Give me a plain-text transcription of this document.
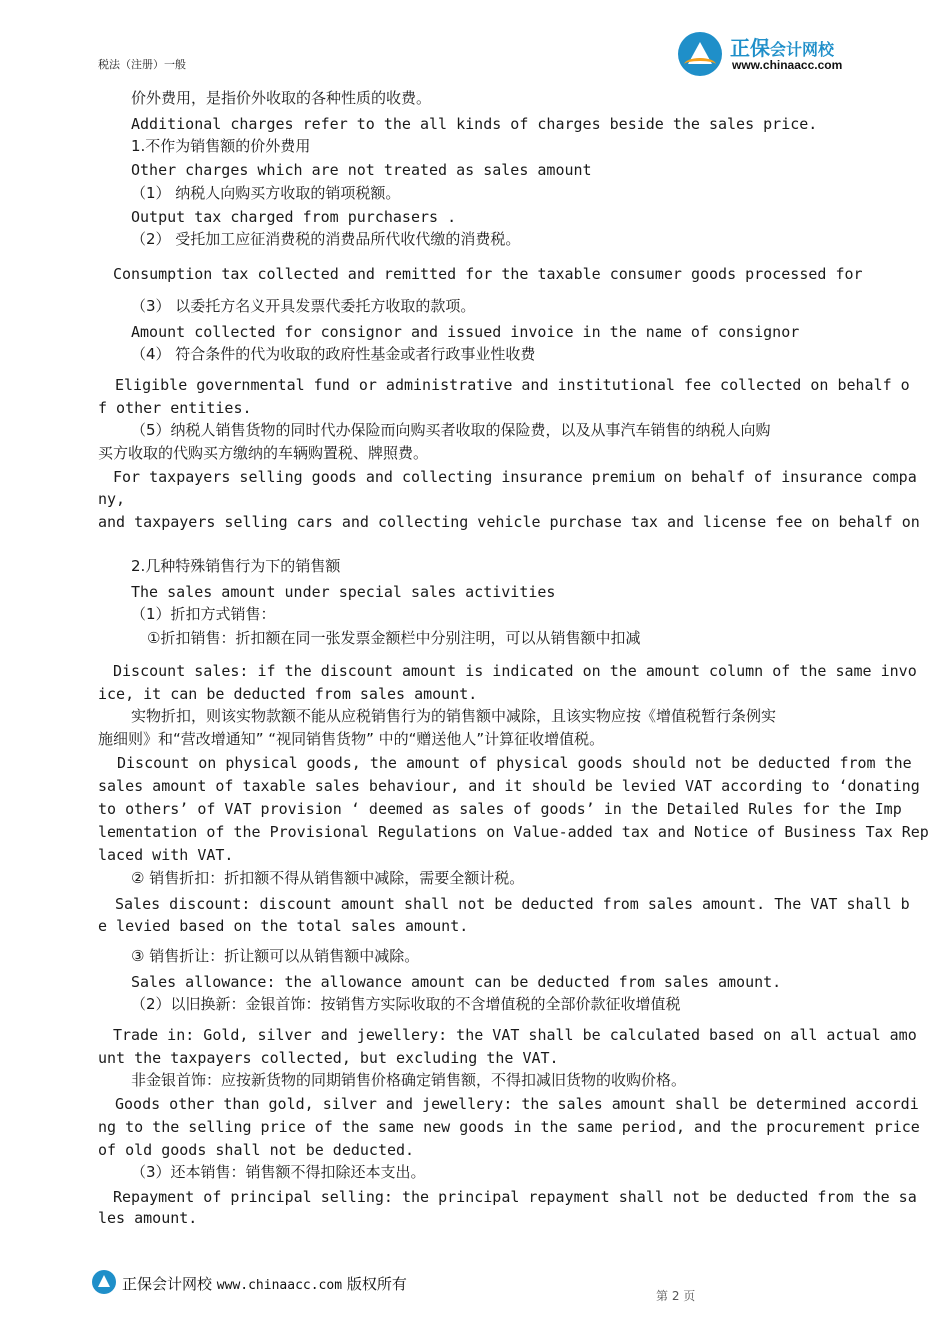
税法（注册）一般
正保会计网校
www.chinaacc.com
价外费用，是指价外收取的各种性质的收费。
Additional charges refer to the all kinds of charges beside the sales price.
1.不作为销售额的价外费用
Other charges which are not treated as sales amount
（1） 纳税人向购买方收取的销项税额。
Output tax charged from purchasers .
（2） 受托加工应征消费税的消费品所代收代缴的消费税。
Consumption tax collected and remitted for the taxable consumer goods processed for
（3） 以委托方名义开具发票代委托方收取的款项。
Amount collected for consignor and issued invoice in the name of consignor
（4） 符合条件的代为收取的政府性基金或者行政事业性收费
Eligible governmental fund or administrative and institutional fee collected on behalf o
f other entities.
（5）纳税人销售货物的同时代办保险而向购买者收取的保险费，以及从事汽车销售的纳税人向购
买方收取的代购买方缴纳的车辆购置税、牌照费。
For taxpayers selling goods and collecting insurance premium on behalf of insurance compa
ny,
and taxpayers selling cars and collecting vehicle purchase tax and license fee on behalf on
2.几种特殊销售行为下的销售额
The sales amount under special sales activities
（1）折扣方式销售：
①折扣销售：折扣额在同一张发票金额栏中分别注明，可以从销售额中扣减
Discount sales: if the discount amount is indicated on the amount column of the same invo
ice, it can be deducted from sales amount.
实物折扣，则该实物款额不能从应税销售行为的销售额中减除，且该实物应按《增值税暂行条例实
施细则》和“营改增通知” “视同销售货物” 中的“赠送他人”计算征收增值税。
Discount on physical goods, the amount of physical goods should not be deducted from the
sales amount of taxable sales behaviour, and it should be levied VAT according to ‘donating
to others’ of VAT provision ‘ deemed as sales of goods’ in the Detailed Rules for the Imp
lementation of the Provisional Regulations on Value-added tax and Notice of Business Tax Rep
laced with VAT.
② 销售折扣：折扣额不得从销售额中减除，需要全额计税。
Sales discount: discount amount shall not be deducted from sales amount. The VAT shall b
e levied based on the total sales amount.
③ 销售折让：折让额可以从销售额中减除。
Sales allowance: the allowance amount can be deducted from sales amount.
（2）以旧换新：金银首饰：按销售方实际收取的不含增值税的全部价款征收增值税
Trade in: Gold, silver and jewellery: the VAT shall be calculated based on all actual amo
unt the taxpayers collected, but excluding the VAT.
非金银首饰：应按新货物的同期销售价格确定销售额，不得扣减旧货物的收购价格。
Goods other than gold, silver and jewellery: the sales amount shall be determined accordi
ng to the selling price of the same new goods in the same period, and the procurement price
of old goods shall not be deducted.
（3）还本销售：销售额不得扣除还本支出。
Repayment of principal selling: the principal repayment shall not be deducted from the sa
les amount.
正保会计网校 www.chinaacc.com 版权所有
第 2 页
